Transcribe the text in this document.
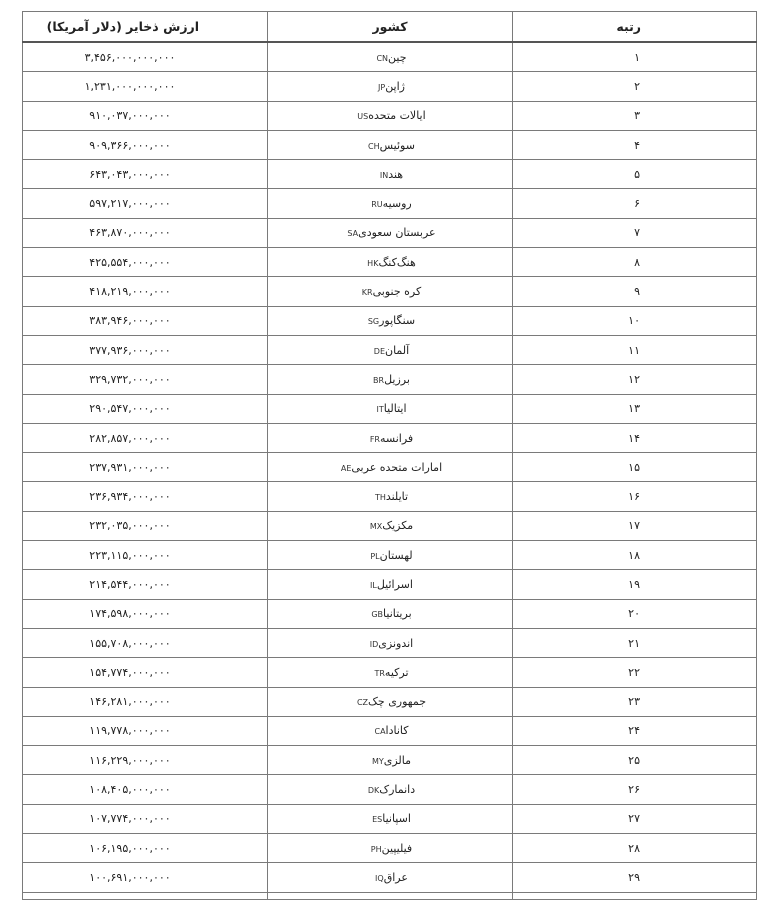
رتبه	کشور	ارزش ذخایر (دلار آمریکا)
۱	چینCN	۳,۴۵۶,۰۰۰,۰۰۰,۰۰۰
۲	ژاپنJP	۱,۲۳۱,۰۰۰,۰۰۰,۰۰۰
۳	ایالات متحدهUS	۹۱۰,۰۳۷,۰۰۰,۰۰۰
۴	سوئیسCH	۹۰۹,۳۶۶,۰۰۰,۰۰۰
۵	هندIN	۶۴۳,۰۴۳,۰۰۰,۰۰۰
۶	روسیهRU	۵۹۷,۲۱۷,۰۰۰,۰۰۰
۷	عربستان سعودیSA	۴۶۳,۸۷۰,۰۰۰,۰۰۰
۸	هنگ‌کنگHK	۴۲۵,۵۵۴,۰۰۰,۰۰۰
۹	کره جنوبیKR	۴۱۸,۲۱۹,۰۰۰,۰۰۰
۱۰	سنگاپورSG	۳۸۳,۹۴۶,۰۰۰,۰۰۰
۱۱	آلمانDE	۳۷۷,۹۳۶,۰۰۰,۰۰۰
۱۲	برزیلBR	۳۲۹,۷۳۲,۰۰۰,۰۰۰
۱۳	ایتالیاIT	۲۹۰,۵۴۷,۰۰۰,۰۰۰
۱۴	فرانسهFR	۲۸۲,۸۵۷,۰۰۰,۰۰۰
۱۵	امارات متحده عربیAE	۲۳۷,۹۳۱,۰۰۰,۰۰۰
۱۶	تایلندTH	۲۳۶,۹۳۴,۰۰۰,۰۰۰
۱۷	مکزیکMX	۲۳۲,۰۳۵,۰۰۰,۰۰۰
۱۸	لهستانPL	۲۲۳,۱۱۵,۰۰۰,۰۰۰
۱۹	اسرائیلIL	۲۱۴,۵۴۴,۰۰۰,۰۰۰
۲۰	بریتانیاGB	۱۷۴,۵۹۸,۰۰۰,۰۰۰
۲۱	اندونزیID	۱۵۵,۷۰۸,۰۰۰,۰۰۰
۲۲	ترکیهTR	۱۵۴,۷۷۴,۰۰۰,۰۰۰
۲۳	جمهوری چکCZ	۱۴۶,۲۸۱,۰۰۰,۰۰۰
۲۴	کاناداCA	۱۱۹,۷۷۸,۰۰۰,۰۰۰
۲۵	مالزیMY	۱۱۶,۲۲۹,۰۰۰,۰۰۰
۲۶	دانمارکDK	۱۰۸,۴۰۵,۰۰۰,۰۰۰
۲۷	اسپانیاES	۱۰۷,۷۷۴,۰۰۰,۰۰۰
۲۸	فیلیپینPH	۱۰۶,۱۹۵,۰۰۰,۰۰۰
۲۹	عراقIQ	۱۰۰,۶۹۱,۰۰۰,۰۰۰
